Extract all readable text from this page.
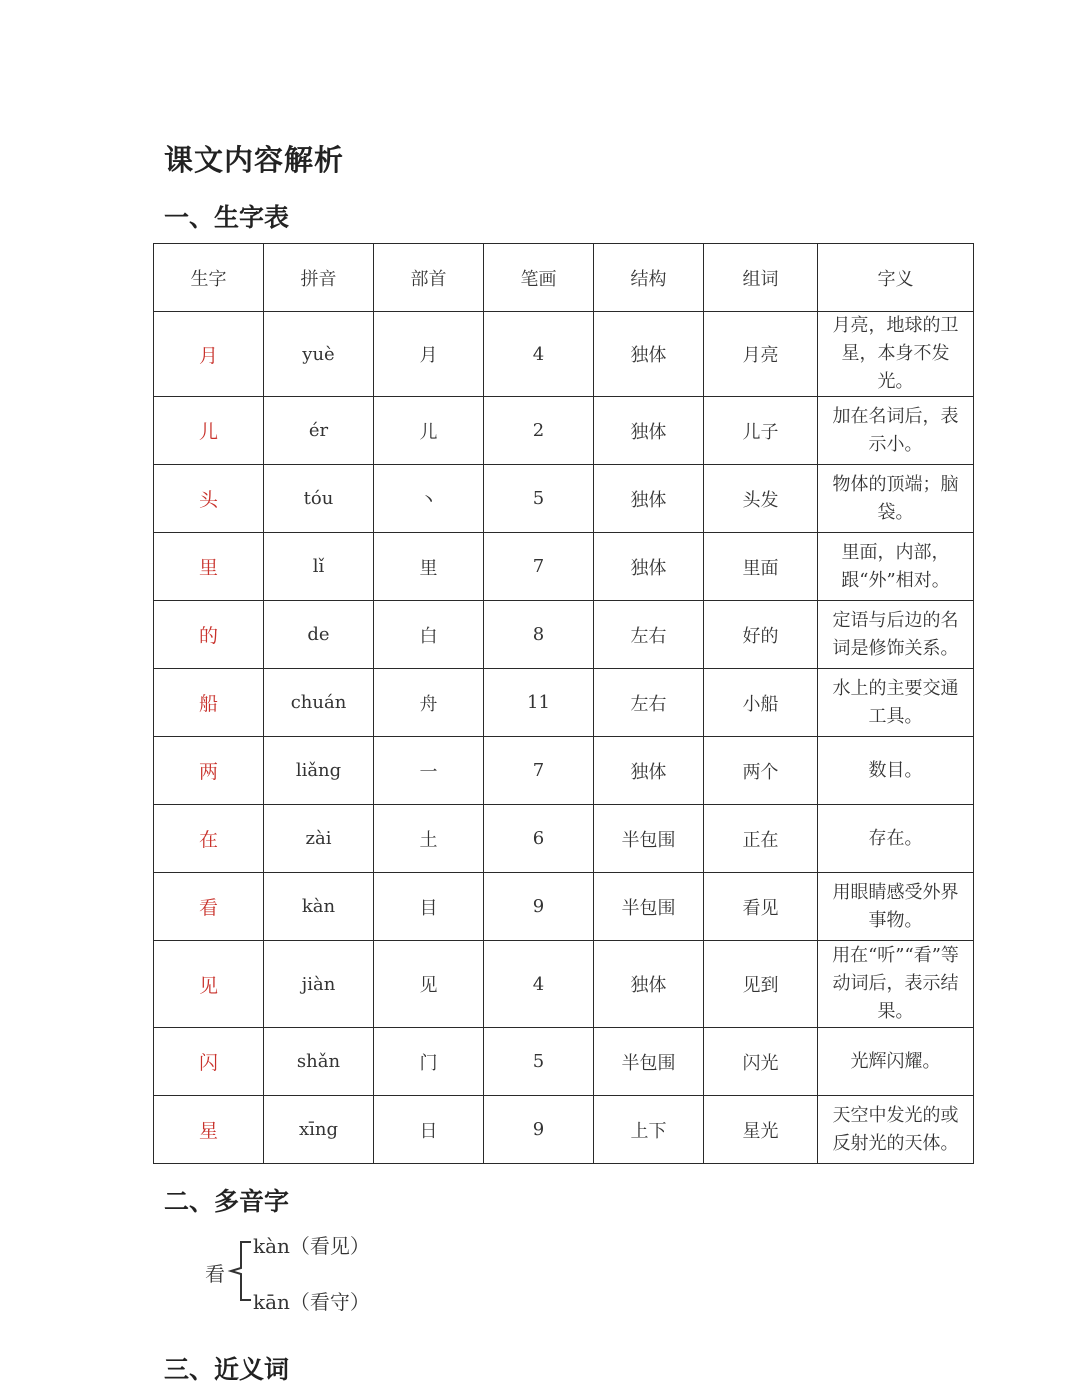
课文内容解析
一、生字表
生字	拼音	部首	笔画	结构	组词	字义
月	yuè	月	4	独体	月亮	月亮，地球的卫星，本身不发光。
儿	ér	儿	2	独体	儿子	加在名词后，表示小。
头	tóu	丶	5	独体	头发	物体的顶端；脑袋。
里	lǐ	里	7	独体	里面	里面，内部，跟“外”相对。
的	de	白	8	左右	好的	定语与后边的名词是修饰关系。
船	chuán	舟	11	左右	小船	水上的主要交通工具。
两	liǎng	一	7	独体	两个	数目。
在	zài	土	6	半包围	正在	存在。
看	kàn	目	9	半包围	看见	用眼睛感受外界事物。
见	jiàn	见	4	独体	见到	用在“听”“看”等动词后，表示结果。
闪	shǎn	门	5	半包围	闪光	光辉闪耀。
星	xīng	日	9	上下	星光	天空中发光的或反射光的天体。
二、多音字
看
kàn（看见）
kān（看守）
三、近义词
